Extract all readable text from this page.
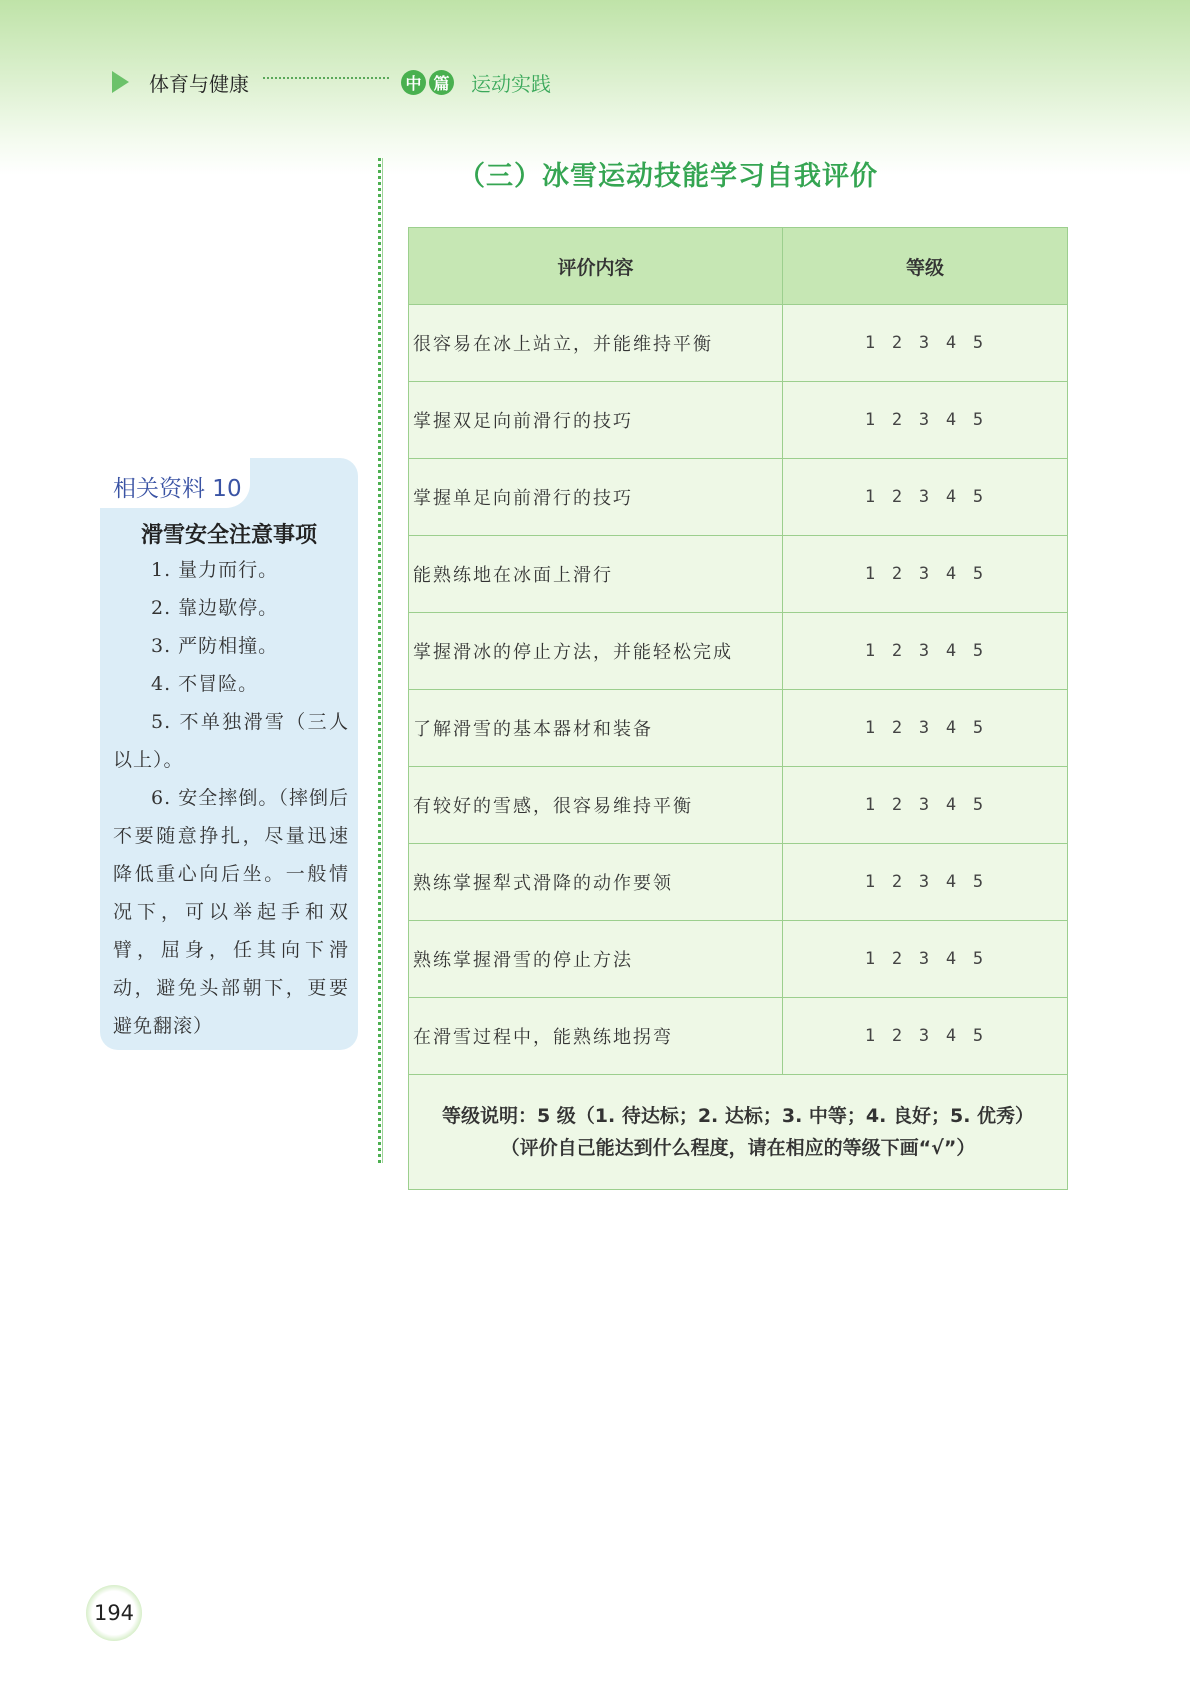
体育与健康	中 篇 运动实践
（三）冰雪运动技能学习自我评价
评价内容	等级
很容易在冰上站立，并能维持平衡	1 2 3 4 5
掌握双足向前滑行的技巧	1 2 3 4 5
掌握单足向前滑行的技巧	1 2 3 4 5
能熟练地在冰面上滑行	1 2 3 4 5
掌握滑冰的停止方法，并能轻松完成	1 2 3 4 5
了解滑雪的基本器材和装备	1 2 3 4 5
有较好的雪感，很容易维持平衡	1 2 3 4 5
熟练掌握犁式滑降的动作要领	1 2 3 4 5
熟练掌握滑雪的停止方法	1 2 3 4 5
在滑雪过程中，能熟练地拐弯	1 2 3 4 5

等级说明：5 级（1. 待达标；2. 达标；3. 中等；4. 良好；5. 优秀）
（评价自己能达到什么程度，请在相应的等级下画“√”）	
相关资料 10
滑雪安全注意事项

1. 量力而行。

2. 靠边歇停。

3. 严防相撞。

4. 不冒险。

5. 不单独滑雪（三人以上）。

6. 安全摔倒。（摔倒后不要随意挣扎，尽量迅速降低重心向后坐。一般情况下，可以举起手和双臂，屈身，任其向下滑动，避免头部朝下，更要避免翻滚）

194
